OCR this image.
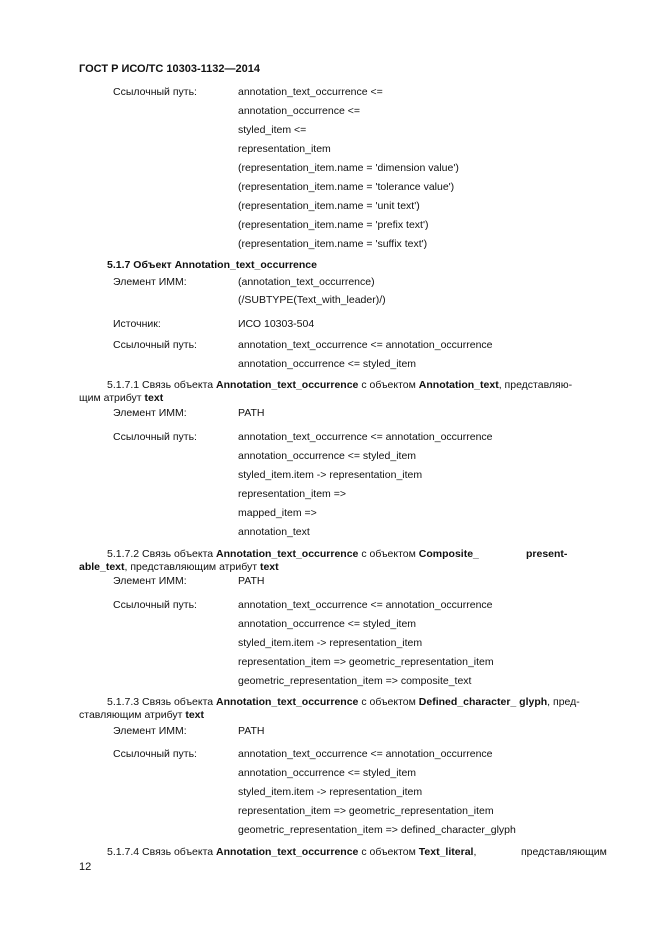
ГОСТ Р ИСО/ТС 10303-1132—2014
Ссылочный путь:	annotation_text_occurrence <=
annotation_occurrence <=
styled_item <=
representation_item
(representation_item.name = 'dimension value')
(representation_item.name = 'tolerance value')
(representation_item.name = 'unit text')
(representation_item.name = 'prefix text')
(representation_item.name = 'suffix text')
5.1.7 Объект Annotation_text_occurrence
Элемент ИММ:	(annotation_text_occurrence)
(/SUBTYPE(Text_with_leader)/)
Источник:	ИСО 10303-504
Ссылочный путь:	annotation_text_occurrence <= annotation_occurrence
annotation_occurrence <= styled_item
5.1.7.1 Связь объекта Annotation_text_occurrence с объектом Annotation_text, представляю-
щим атрибут text
Элемент ИММ:	PATH
Ссылочный путь:	annotation_text_occurrence <= annotation_occurrence
annotation_occurrence <= styled_item
styled_item.item -> representation_item
representation_item =>
mapped_item =>
annotation_text
5.1.7.2 Связь объекта Annotation_text_occurrence с объектом Composite_	present-
able_text, представляющим атрибут text
Элемент ИММ:	PATH
Ссылочный путь:	annotation_text_occurrence <= annotation_occurrence
annotation_occurrence <= styled_item
styled_item.item -> representation_item
representation_item => geometric_representation_item
geometric_representation_item => composite_text
5.1.7.3 Связь объекта Annotation_text_occurrence с объектом Defined_character_ glyph, пред-
ставляющим атрибут text
Элемент ИММ:	PATH
Ссылочный путь:	annotation_text_occurrence <= annotation_occurrence
annotation_occurrence <= styled_item
styled_item.item -> representation_item
representation_item => geometric_representation_item
geometric_representation_item => defined_character_glyph
5.1.7.4 Связь объекта Annotation_text_occurrence с объектом Text_literal,	представляющим
12
